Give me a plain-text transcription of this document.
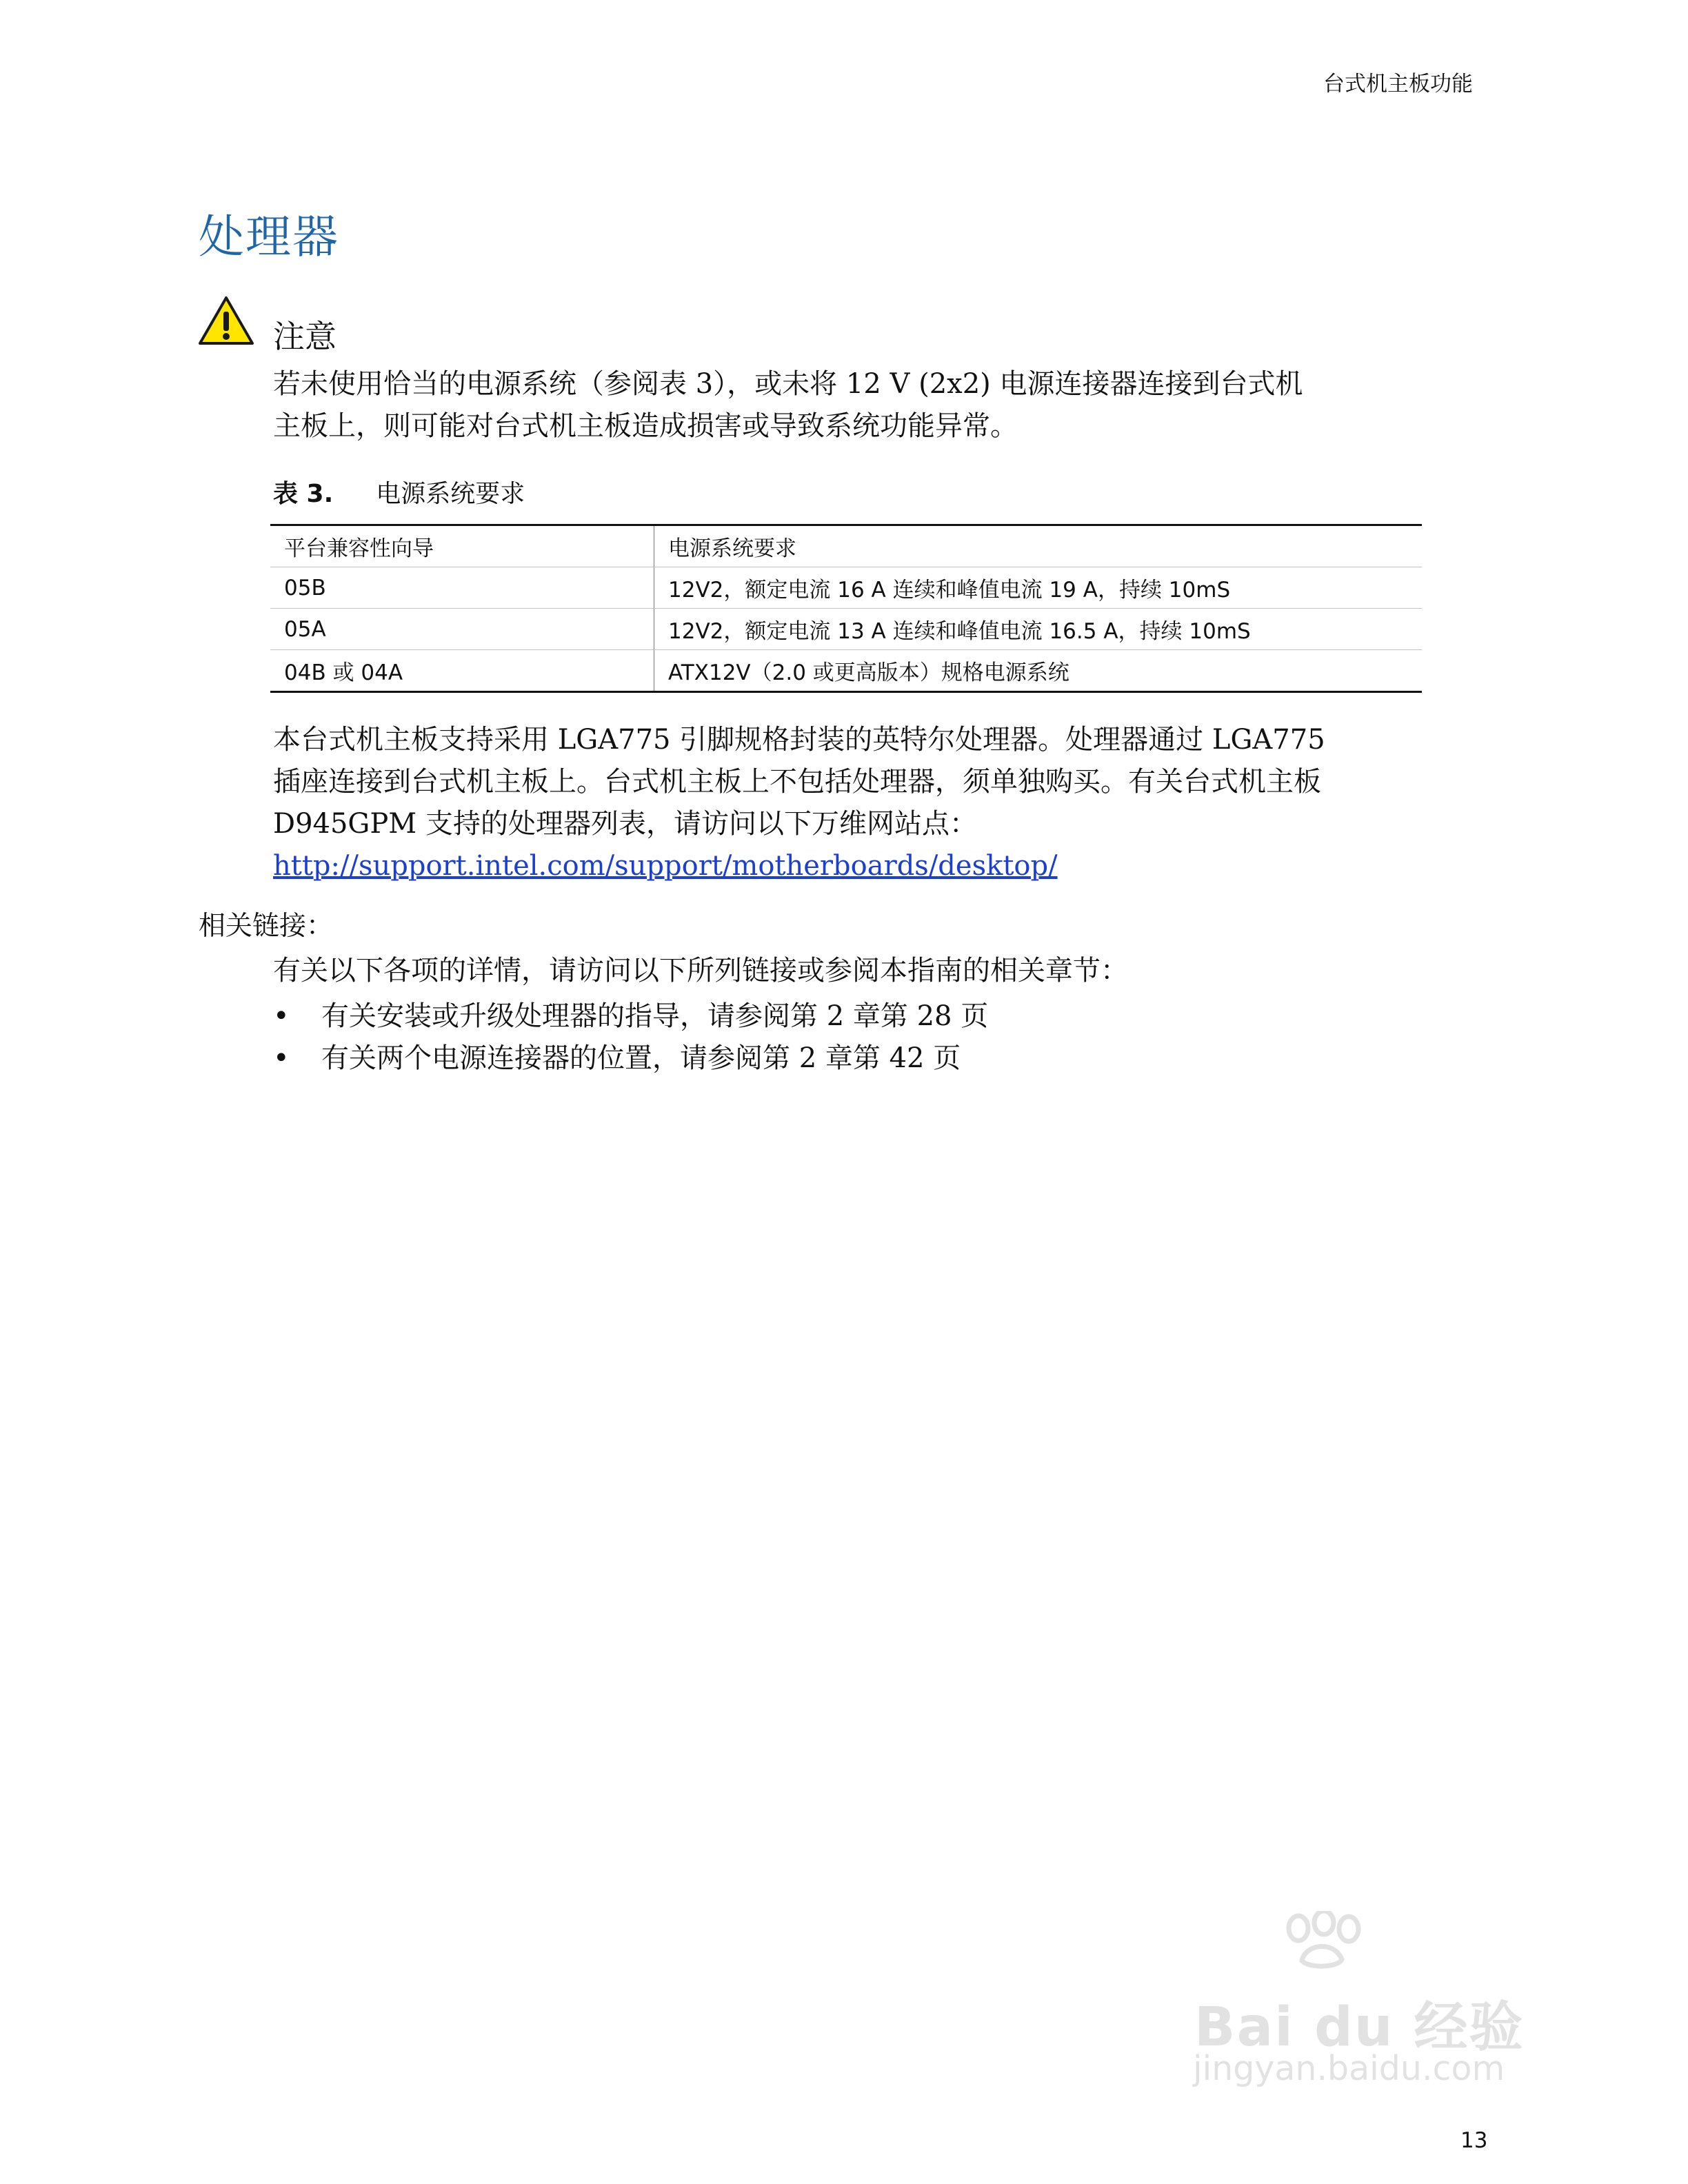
台式机主板功能
处理器
注意
若未使用恰当的电源系统（参阅表 3），或未将 12 V (2x2) 电源连接器连接到台式机
主板上，则可能对台式机主板造成损害或导致系统功能异常。
表 3. 电源系统要求
平台兼容性向导	电源系统要求
05B	12V2，额定电流 16 A 连续和峰值电流 19 A，持续 10mS
05A	12V2，额定电流 13 A 连续和峰值电流 16.5 A，持续 10mS
04B 或 04A	ATX12V（2.0 或更高版本）规格电源系统
本台式机主板支持采用 LGA775 引脚规格封装的英特尔处理器。处理器通过 LGA775
插座连接到台式机主板上。台式机主板上不包括处理器，须单独购买。有关台式机主板
D945GPM 支持的处理器列表，请访问以下万维网站点：
http://support.intel.com/support/motherboards/desktop/
相关链接：
有关以下各项的详情，请访问以下所列链接或参阅本指南的相关章节：
• 有关安装或升级处理器的指导，请参阅第 2 章第 28 页
• 有关两个电源连接器的位置，请参阅第 2 章第 42 页
Bai du 经验
jingyan.baidu.com
13
